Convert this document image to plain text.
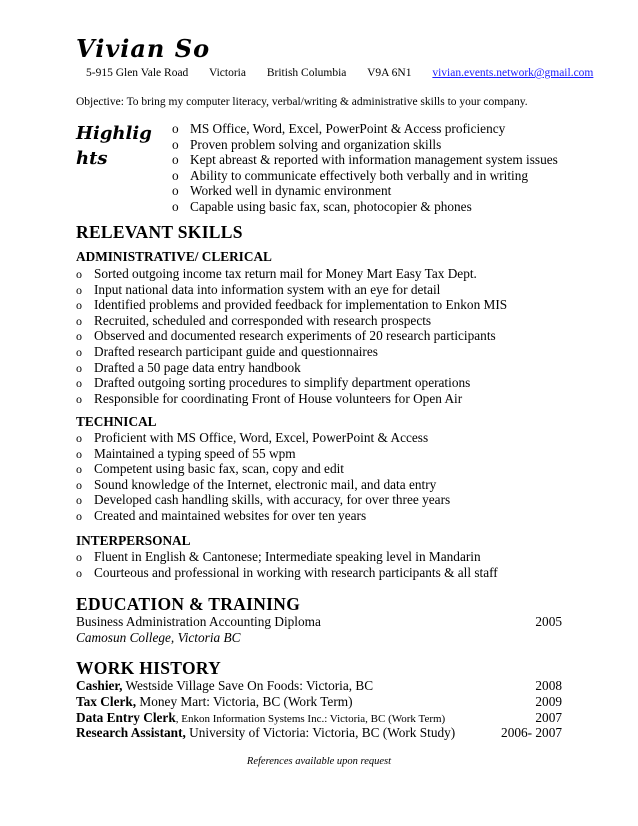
Vivian So
5-915 Glen Vale Road Victoria British Columbia V9A 6N1 vivian.events.network@gmail.com
Objective: To bring my computer literacy, verbal/writing & administrative skills to your company.
Highlights
o MS Office, Word, Excel, PowerPoint & Access proficiency
o Proven problem solving and organization skills
o Kept abreast & reported with information management system issues
o Ability to communicate effectively both verbally and in writing
o Worked well in dynamic environment
o Capable using basic fax, scan, photocopier & phones
RELEVANT SKILLS
ADMINISTRATIVE/ CLERICAL
o Sorted outgoing income tax return mail for Money Mart Easy Tax Dept.
o Input national data into information system with an eye for detail
o Identified problems and provided feedback for implementation to Enkon MIS
o Recruited, scheduled and corresponded with research prospects
o Observed and documented research experiments of 20 research participants
o Drafted research participant guide and questionnaires
o Drafted a 50 page data entry handbook
o Drafted outgoing sorting procedures to simplify department operations
o Responsible for coordinating Front of House volunteers for Open Air
TECHNICAL
o Proficient with MS Office, Word, Excel, PowerPoint & Access
o Maintained a typing speed of 55 wpm
o Competent using basic fax, scan, copy and edit
o Sound knowledge of the Internet, electronic mail, and data entry
o Developed cash handling skills, with accuracy, for over three years
o Created and maintained websites for over ten years
INTERPERSONAL
o Fluent in English & Cantonese; Intermediate speaking level in Mandarin
o Courteous and professional in working with research participants & all staff
EDUCATION & TRAINING
Business Administration Accounting Diploma	2005
Camosun College, Victoria BC
WORK HISTORY
Cashier, Westside Village Save On Foods: Victoria, BC	2008
Tax Clerk, Money Mart: Victoria, BC (Work Term)	2009
Data Entry Clerk, Enkon Information Systems Inc.: Victoria, BC (Work Term)	2007
Research Assistant, University of Victoria: Victoria, BC (Work Study)	2006- 2007
References available upon request
